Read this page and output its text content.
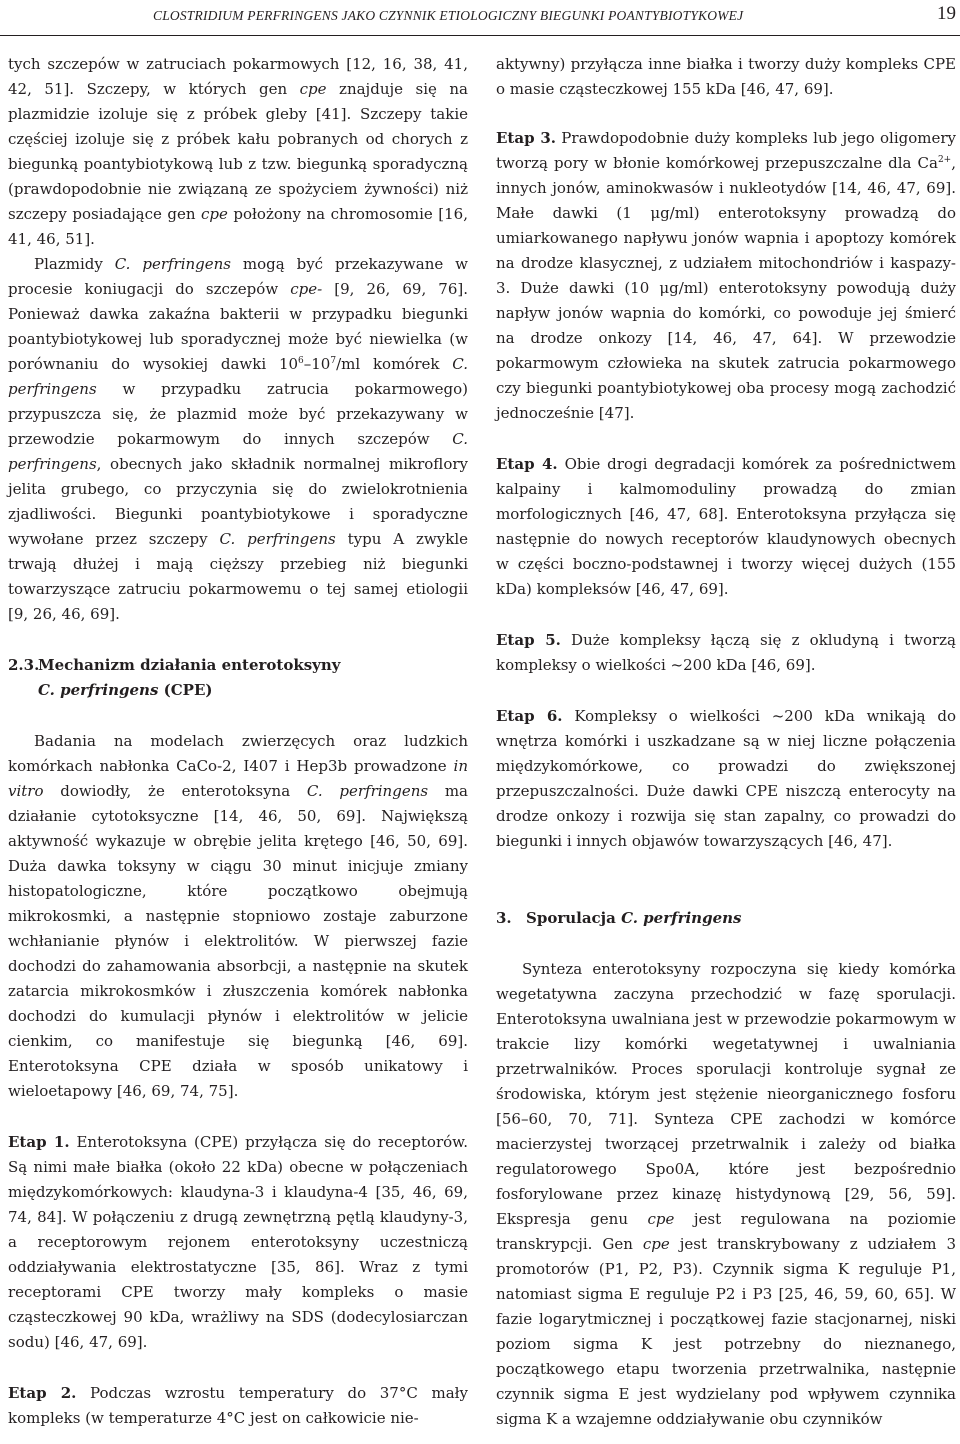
CLOSTRIDIUM PERFRINGENS JAKO CZYNNIK ETIOLOGICZNY BIEGUNKI POANTYBIOTYKOWEJ	19

tych szczepów w zatruciach pokarmowych [12, 16, 38, 41, 42, 51]. Szczepy, w których gen cpe znajduje się na plazmidzie izoluje się z próbek gleby [41]. Szczepy takie częściej izoluje się z próbek kału pobranych od chorych z biegunką poantybiotykową lub z tzw. biegunką sporadyczną (prawdopodobnie nie związaną ze spożyciem żywności) niż szczepy posiadające gen cpe położony na chromosomie [16, 41, 46, 51].

Plazmidy C. perfringens mogą być przekazywane w procesie koniugacji do szczepów cpe- [9, 26, 69, 76]. Ponieważ dawka zakaźna bakterii w przypadku biegunki poantybiotykowej lub sporadycznej może być niewielka (w porównaniu do wysokiej dawki $10^6-10^7/ml$ komórek C. perfringens w przypadku zatrucia pokarmowego) przypuszcza się, że plazmid może być przekazywany w przewodzie pokarmowym do innych szczepów C. perfringens, obecnych jako składnik normalnej mikroflory jelita grubego, co przyczynia się do zwielokrotnienia zjadliwości. Biegunki poantybiotykowe i sporadyczne wywołane przez szczepy C. perfringens typu A zwykle trwają dłużej i mają cięższy przebieg niż biegunki towarzyszące zatruciu pokarmowemu o tej samej etiologii [9, 26, 46, 69].

2.3.Mechanizm działania enterotoksyny
C. perfringens (CPE)

Badania na modelach zwierzęcych oraz ludzkich komórkach nabłonka CaCo-2, I407 i Hep3b prowadzone in vitro dowiodły, że enterotoksyna C. perfringens ma działanie cytotoksyczne [14, 46, 50, 69]. Największą aktywność wykazuje w obrębie jelita krętego [46, 50, 69]. Duża dawka toksyny w ciągu 30 minut inicjuje zmiany histopatologiczne, które początkowo obejmują mikrokosmki, a następnie stopniowo zostaje zaburzone wchłanianie płynów i elektrolitów. W pierwszej fazie dochodzi do zahamowania absorbcji, a następnie na skutek zatarcia mikrokosmków i złuszczenia komórek nabłonka dochodzi do kumulacji płynów i elektrolitów w jelicie cienkim, co manifestuje się biegunką [46, 69]. Enterotoksyna CPE działa w sposób unikatowy i wieloetapowy [46, 69, 74, 75].

Etap 1. Enterotoksyna (CPE) przyłącza się do receptorów. Są nimi małe białka (około 22 kDa) obecne w połączeniach międzykomórkowych: klaudyna-3 i klaudyna-4 [35, 46, 69, 74, 84]. W połączeniu z drugą zewnętrzną pętlą klaudyny-3, a receptorowym rejonem enterotoksyny uczestniczą oddziaływania elektrostatyczne [35, 86]. Wraz z tymi receptorami CPE tworzy mały kompleks o masie cząsteczkowej 90 kDa, wrażliwy na SDS (dodecylosiarczan sodu) [46, 47, 69].

Etap 2. Podczas wzrostu temperatury do 37°C mały kompleks (w temperaturze 4°C jest on całkowicie nie-

aktywny) przyłącza inne białka i tworzy duży kompleks CPE o masie cząsteczkowej 155 kDa [46, 47, 69].

Etap 3. Prawdopodobnie duży kompleks lub jego oligomery tworzą pory w błonie komórkowej przepuszczalne dla $Ca^{2+}$, innych jonów, aminokwasów i nukleotydów [14, 46, 47, 69]. Małe dawki (1 μg/ml) enterotoksyny prowadzą do umiarkowanego napływu jonów wapnia i apoptozy komórek na drodze klasycznej, z udziałem mitochondriów i kaspazy-3. Duże dawki (10 μg/ml) enterotoksyny powodują duży napływ jonów wapnia do komórki, co powoduje jej śmierć na drodze onkozy [14, 46, 47, 64]. W przewodzie pokarmowym człowieka na skutek zatrucia pokarmowego czy biegunki poantybiotykowej oba procesy mogą zachodzić jednocześnie [47].

Etap 4. Obie drogi degradacji komórek za pośrednictwem kalpainy i kalmomoduliny prowadzą do zmian morfologicznych [46, 47, 68]. Enterotoksyna przyłącza się następnie do nowych receptorów klaudynowych obecnych w części boczno-podstawnej i tworzy więcej dużych (155 kDa) kompleksów [46, 47, 69].

Etap 5. Duże kompleksy łączą się z okludyną i tworzą kompleksy o wielkości ~200 kDa [46, 69].

Etap 6. Kompleksy o wielkości ~200 kDa wnikają do wnętrza komórki i uszkadzane są w niej liczne połączenia międzykomórkowe, co prowadzi do zwiększonej przepuszczalności. Duże dawki CPE niszczą enterocyty na drodze onkozy i rozwija się stan zapalny, co prowadzi do biegunki i innych objawów towarzyszących [46, 47].

3. Sporulacja C. perfringens

Synteza enterotoksyny rozpoczyna się kiedy komórka wegetatywna zaczyna przechodzić w fazę sporulacji. Enterotoksyna uwalniana jest w przewodzie pokarmowym w trakcie lizy komórki wegetatywnej i uwalniania przetrwalników. Proces sporulacji kontroluje sygnał ze środowiska, którym jest stężenie nieorganicznego fosforu [56–60, 70, 71]. Synteza CPE zachodzi w komórce macierzystej tworzącej przetrwalnik i zależy od białka regulatorowego Spo0A, które jest bezpośrednio fosforylowane przez kinazę histydynową [29, 56, 59]. Ekspresja genu cpe jest regulowana na poziomie transkrypcji. Gen cpe jest transkrybowany z udziałem 3 promotorów (P1, P2, P3). Czynnik sigma K reguluje P1, natomiast sigma E reguluje P2 i P3 [25, 46, 59, 60, 65]. W fazie logarytmicznej i początkowej fazie stacjonarnej, niski poziom sigma K jest potrzebny do nieznanego, początkowego etapu tworzenia przetrwalnika, następnie czynnik sigma E jest wydzielany pod wpływem czynnika sigma K a wzajemne oddziaływanie obu czynników
